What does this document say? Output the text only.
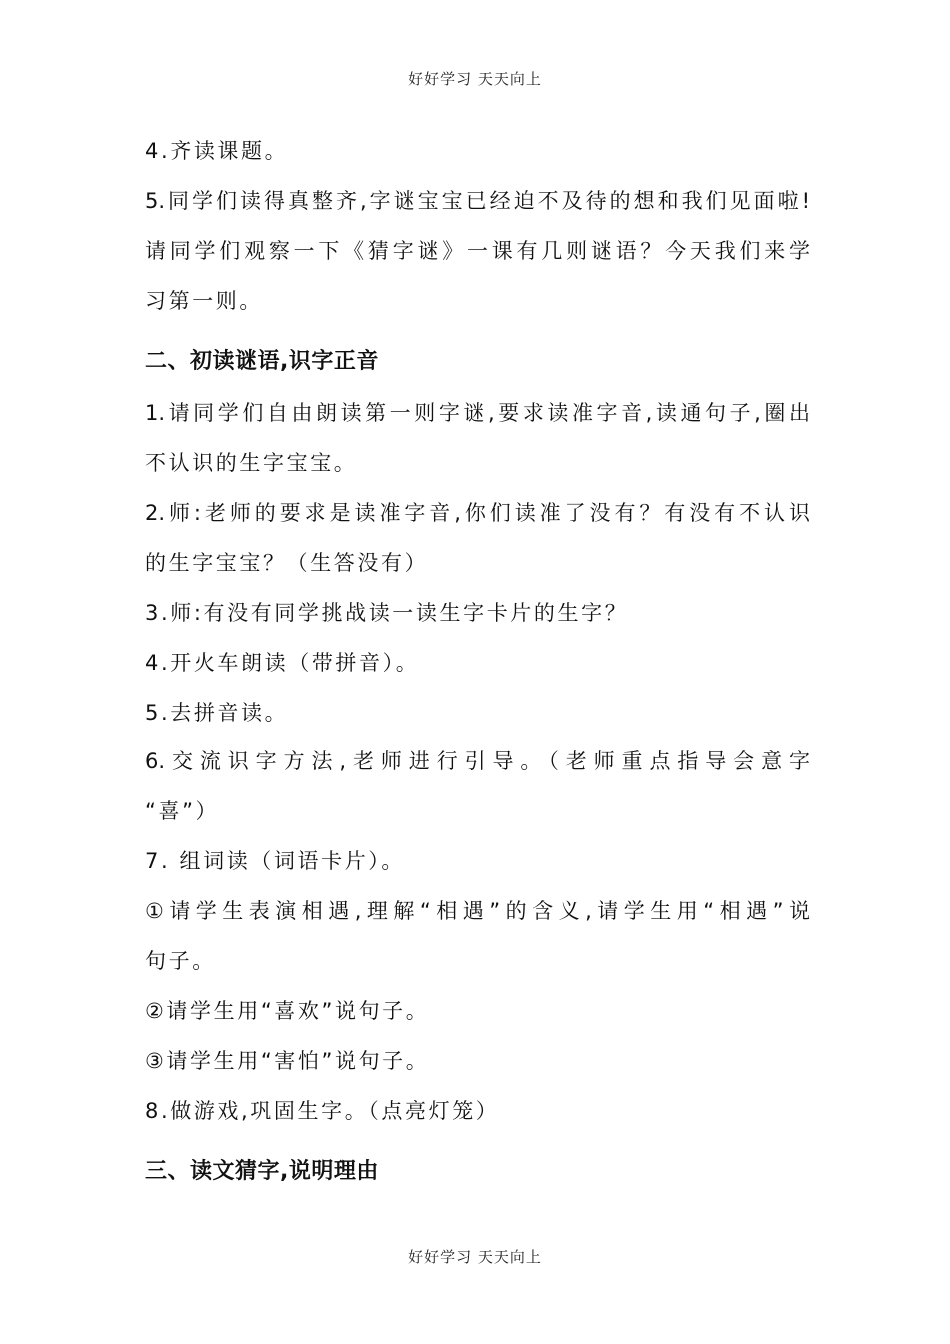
好好学习 天天向上
4.齐读课题。
5.同学们读得真整齐,字谜宝宝已经迫不及待的想和我们见面啦!
请同学们观察一下《猜字谜》一课有几则谜语？今天我们来学
习第一则。
二、初读谜语,识字正音
1.请同学们自由朗读第一则字谜,要求读准字音,读通句子,圈出
不认识的生字宝宝。
2.师:老师的要求是读准字音,你们读准了没有？有没有不认识
的生字宝宝？（生答没有）
3.师:有没有同学挑战读一读生字卡片的生字？
4.开火车朗读（带拼音）。
5.去拼音读。
6.交流识字方法,老师进行引导。（老师重点指导会意字
“喜”）
7. 组词读（词语卡片）。
①请学生表演相遇,理解“相遇”的含义,请学生用“相遇”说
句子。
②请学生用“喜欢”说句子。
③请学生用“害怕”说句子。
8.做游戏,巩固生字。（点亮灯笼）
三、读文猜字,说明理由
好好学习 天天向上
